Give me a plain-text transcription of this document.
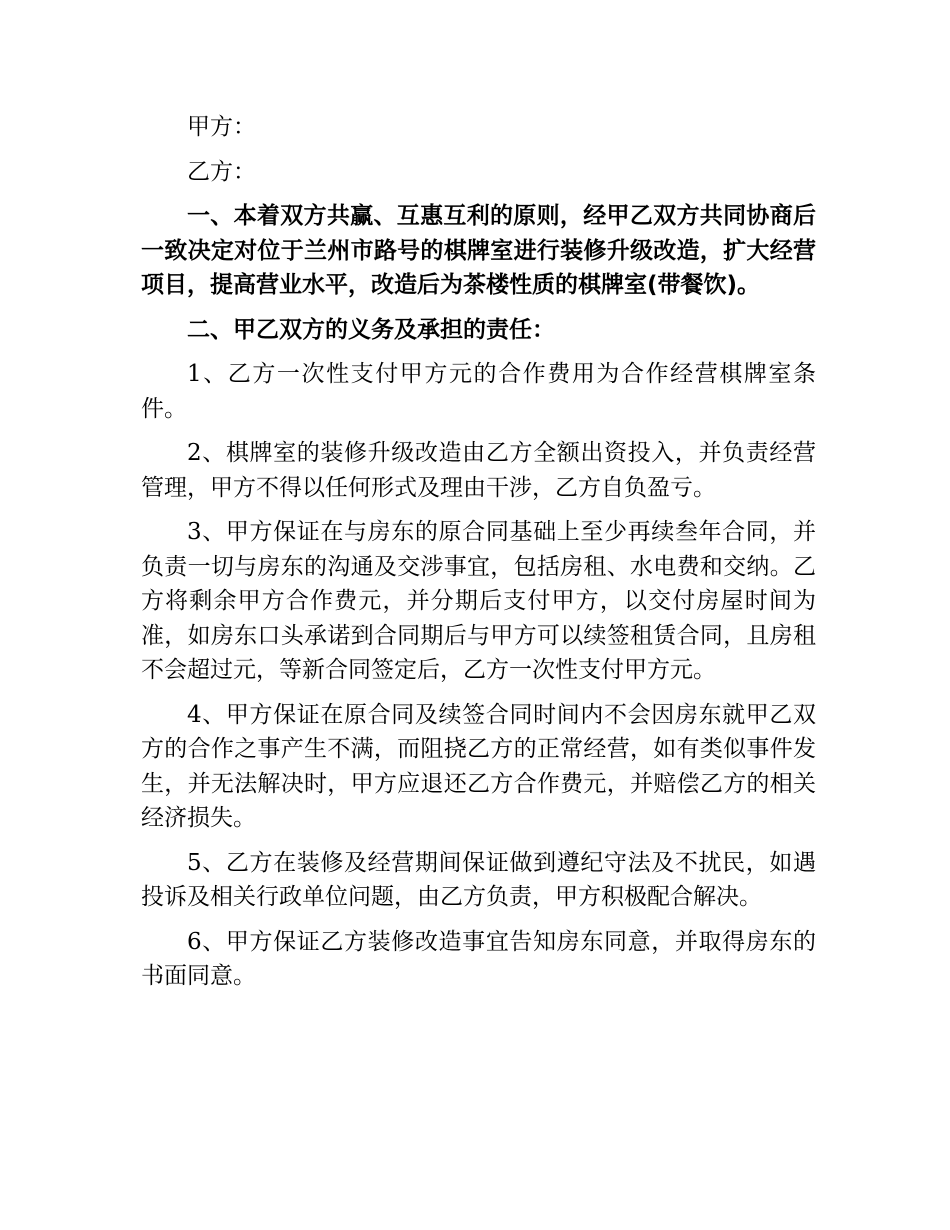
甲方：

乙方：

一、本着双方共赢、互惠互利的原则，经甲乙双方共同协商后一致决定对位于兰州市路号的棋牌室进行装修升级改造，扩大经营项目，提高营业水平，改造后为茶楼性质的棋牌室(带餐饮)。

二、甲乙双方的义务及承担的责任：

1、乙方一次性支付甲方元的合作费用为合作经营棋牌室条件。

2、棋牌室的装修升级改造由乙方全额出资投入，并负责经营管理，甲方不得以任何形式及理由干涉，乙方自负盈亏。

3、甲方保证在与房东的原合同基础上至少再续叁年合同，并负责一切与房东的沟通及交涉事宜，包括房租、水电费和交纳。乙方将剩余甲方合作费元，并分期后支付甲方，以交付房屋时间为准，如房东口头承诺到合同期后与甲方可以续签租赁合同，且房租不会超过元，等新合同签定后，乙方一次性支付甲方元。

4、甲方保证在原合同及续签合同时间内不会因房东就甲乙双方的合作之事产生不满，而阻挠乙方的正常经营，如有类似事件发生，并无法解决时，甲方应退还乙方合作费元，并赔偿乙方的相关经济损失。

5、乙方在装修及经营期间保证做到遵纪守法及不扰民，如遇投诉及相关行政单位问题，由乙方负责，甲方积极配合解决。

6、甲方保证乙方装修改造事宜告知房东同意，并取得房东的书面同意。
